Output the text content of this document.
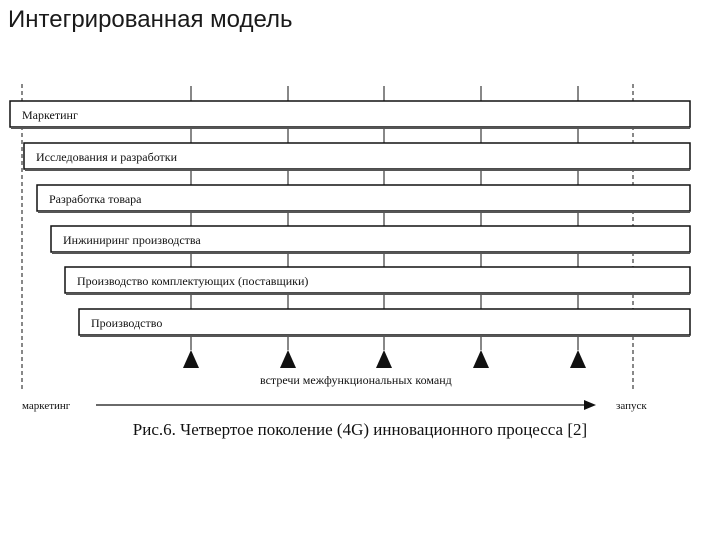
Интегрированная модель
Маркетинг
Исследования и разработки
Разработка товара
Инжиниринг производства
Производство комплектующих (поставщики)
Производство
встречи межфункциональных команд
маркетинг	запуск
Рис.6. Четвертое поколение (4G) инновационного процесса [2]
